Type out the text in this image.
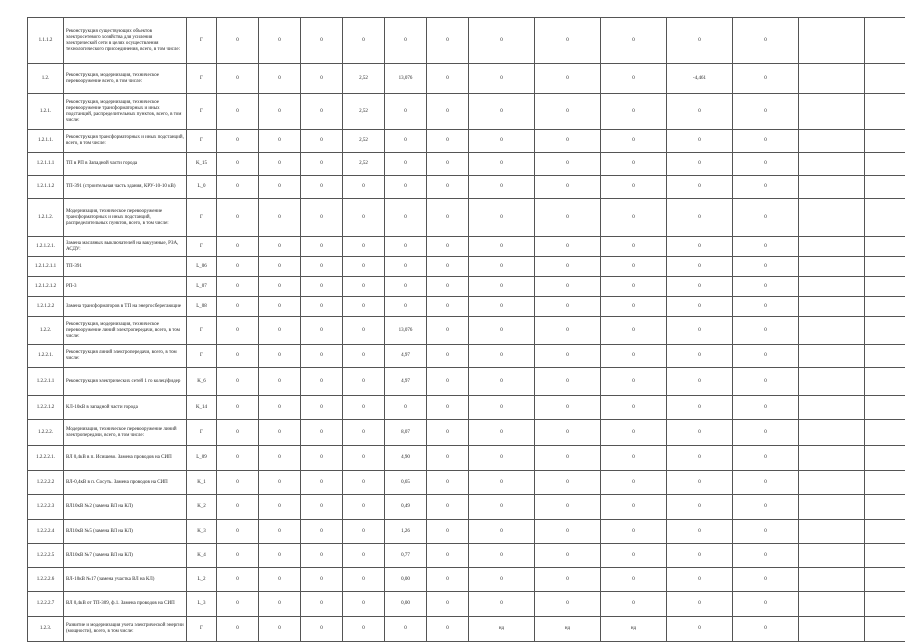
1.1.1.2	Реконструкция существующих объектов электросетевого хозяйства для усиления электрической сети в целях осуществления технологического присоединения, всего, в том числе:	Г	0	0	0	0	0	0	0	0	0	0	0		
1.2.	Реконструкция, модернизация, техническое перевооружение всего, в том числе:	Г	0	0	0	2,52	13,076	0	0	0	0	-4,461	0		
1.2.1.	Реконструкция, модернизация, техническое перевооружение трансформаторных и иных подстанций, распределительных пунктов, всего, в том числе:	Г	0	0	0	2,52	0	0	0	0	0	0	0		
1.2.1.1.	Реконструкция трансформаторных и иных подстанций, всего, в том числе:	Г	0	0	0	2,52	0	0	0	0	0	0	0		
1.2.1.1.1	ТП в РП в Западной части города	K_15	0	0	0	2,52	0	0	0	0	0	0	0		
1.2.1.1.2	ТП-391 (строительная часть здания, КРУ-10-10 кВ)	L_0	0	0	0	0	0	0	0	0	0	0	0		
1.2.1.2.	Модернизация, техническое перевооружение трансформаторных и иных подстанций, распределительных пунктов, всего, в том числе:	Г	0	0	0	0	0	0	0	0	0	0	0		
1.2.1.2.1.	Замена масляных выключателей на вакуумные, РЗА, АСДУ:	Г	0	0	0	0	0	0	0	0	0	0	0		
1.2.1.2.1.1	ТП-391	L_06	0	0	0	0	0	0	0	0	0	0	0		
1.2.1.2.1.2	РП-3	L_07	0	0	0	0	0	0	0	0	0	0	0		
1.2.1.2.2	Замена трансформаторов в ТП на энергосберегающие	L_08	0	0	0	0	0	0	0	0	0	0	0		
1.2.2.	Реконструкция, модернизация, техническое перевооружение линий электропередачи, всего, в том числе:	Г	0	0	0	0	13,076	0	0	0	0	0	0		
1.2.2.1.	Реконструкция линий электропередачи, всего, в том числе:	Г	0	0	0	0	4,97	0	0	0	0	0	0		
1.2.2.1.1	Реконструкция электрических сетей 1 го колец/фидер	K_6	0	0	0	0	4,97	0	0	0	0	0	0		
1.2.2.1.2	КЛ-10кВ в западной части города	K_14	0	0	0	0	0	0	0	0	0	0	0		
1.2.2.2.	Модернизация, техническое перевооружение линий электропередачи, всего, в том числе:	Г	0	0	0	0	8,07	0	0	0	0	0	0		
1.2.2.2.1.	ВЛ 0,4кВ в п. Исишево. Замена проводов на СИП	L_09	0	0	0	0	4,90	0	0	0	0	0	0		
1.2.2.2.2	ВЛ-0,4кВ в п. Сосуть. Замена проводов на СИП	K_1	0	0	0	0	0,65	0	0	0	0	0	0		
1.2.2.2.3	ВЛ10кВ №2 (замена ВЛ на КЛ)	K_2	0	0	0	0	0,49	0	0	0	0	0	0		
1.2.2.2.4	ВЛ10кВ №5 (замена ВЛ на КЛ)	K_3	0	0	0	0	1,26	0	0	0	0	0	0		
1.2.2.2.5	ВЛ10кВ №7 (замена ВЛ на КЛ)	K_4	0	0	0	0	0,77	0	0	0	0	0	0		
1.2.2.2.6	ВЛ-10кВ №17 (замена участка ВЛ на КЛ)	L_2	0	0	0	0	0,00	0	0	0	0	0	0		
1.2.2.2.7	ВЛ 0,4кВ от ТП-309, ф.1. Замена проводов на СИП	L_3	0	0	0	0	0,00	0	0	0	0	0	0		
1.2.3.	Развитие и модернизация учета электрической энергии (мощности), всего, в том числе:	Г	0	0	0	0	0	0	нд	нд	нд	0	0		
